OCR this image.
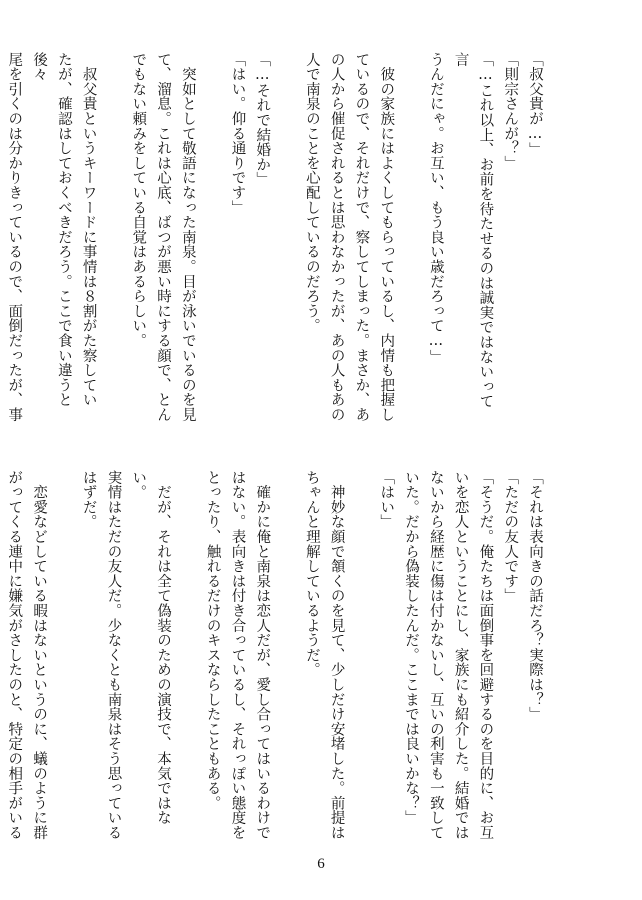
「叔父貴が…」
「則宗さんが？」
「…これ以上、お前を待たせるのは誠実ではないって言
うんだにゃ。お互い、もう良い歳だろって…」

　彼の家族にはよくしてもらっているし、内情も把握し
ているので、それだけで、察してしまった。まさか、あ
の人から催促されるとは思わなかったが、あの人もあの
人で南泉のことを心配しているのだろう。

「…それで結婚か」
「はい。仰る通りです」

　突如として敬語になった南泉。目が泳いでいるのを見
て、溜息。これは心底、ばつが悪い時にする顔で、とん
でもない頼みをしている自覚はあるらしい。

　叔父貴というキーワードに事情は８割がた察してい
たが、確認はしておくべきだろう。ここで食い違うと後々
尾を引くのは分かりきっているので、面倒だったが、事

「それは表向きの話だろ？実際は？」
「ただの友人です」
「そうだ。俺たちは面倒事を回避するのを目的に、お互
いを恋人ということにし、家族にも紹介した。結婚では
ないから経歴に傷は付かないし、互いの利害も一致して
いた。だから偽装したんだ。ここまでは良いかな？」
「はい」

　神妙な顔で頷くのを見て、少しだけ安堵した。前提は
ちゃんと理解しているようだ。

　確かに俺と南泉は恋人だが、愛し合ってはいるわけで
はない。表向きは付き合っているし、それっぽい態度を
とったり、触れるだけのキスならしたこともある。

　だが、それは全て偽装のための演技で、本気ではない。
実情はただの友人だ。少なくとも南泉はそう思っている
はずだ。

　恋愛などしている暇はないというのに、蟻のように群
がってくる連中に嫌気がさしたのと、特定の相手がいる
6
